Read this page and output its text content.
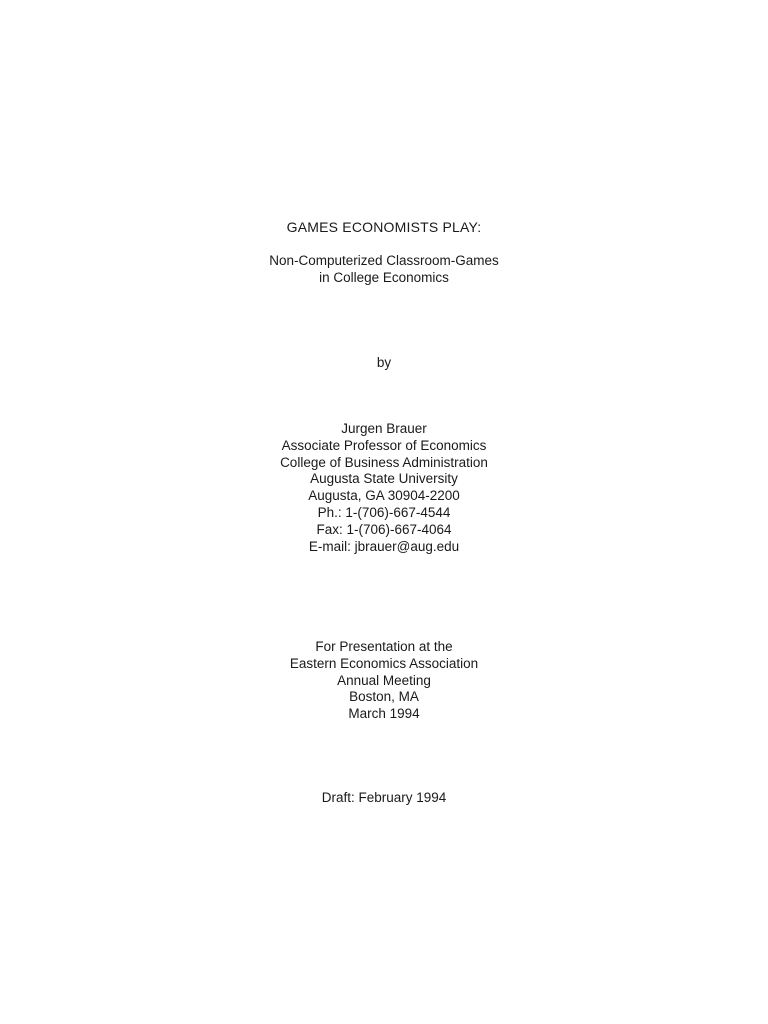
GAMES ECONOMISTS PLAY:
Non-Computerized Classroom-Games
in College Economics
by
Jurgen Brauer
Associate Professor of Economics
College of Business Administration
Augusta State University
Augusta, GA 30904-2200
Ph.: 1-(706)-667-4544
Fax: 1-(706)-667-4064
E-mail: jbrauer@aug.edu
For Presentation at the
Eastern Economics Association
Annual Meeting
Boston, MA
March 1994
Draft: February 1994
